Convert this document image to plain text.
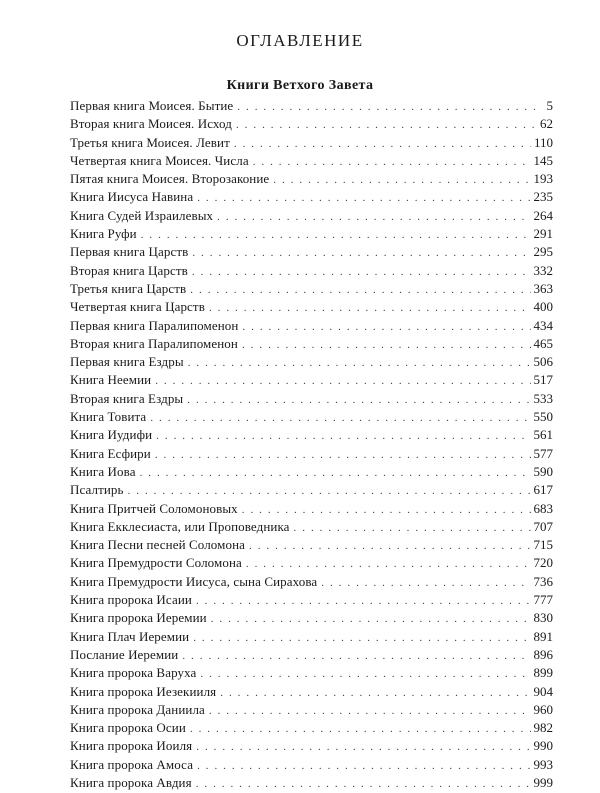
ОГЛАВЛЕНИЕ
Книги Ветхого Завета
Первая книга Моисея. Бытие . . .	5
Вторая книга Моисея. Исход . . .	62
Третья книга Моисея. Левит . . .	110
Четвертая книга Моисея. Числа . . .	145
Пятая книга Моисея. Второзаконие . . .	193
Книга Иисуса Навина . . .	235
Книга Судей Израилевых . . .	264
Книга Руфи . . .	291
Первая книга Царств . . .	295
Вторая книга Царств . . .	332
Третья книга Царств . . .	363
Четвертая книга Царств . . .	400
Первая книга Паралипоменон . . .	434
Вторая книга Паралипоменон . . .	465
Первая книга Ездры . . .	506
Книга Неемии . . .	517
Вторая книга Ездры . . .	533
Книга Товита . . .	550
Книга Иудифи . . .	561
Книга Есфири . . .	577
Книга Иова . . .	590
Псалтирь . . .	617
Книга Притчей Соломоновых . . .	683
Книга Екклесиаста, или Проповедника . . .	707
Книга Песни песней Соломона . . .	715
Книга Премудрости Соломона . . .	720
Книга Премудрости Иисуса, сына Сирахова . . .	736
Книга пророка Исаии . . .	777
Книга пророка Иеремии . . .	830
Книга Плач Иеремии . . .	891
Послание Иеремии . . .	896
Книга пророка Варуха . . .	899
Книга пророка Иезекииля . . .	904
Книга пророка Даниила . . .	960
Книга пророка Осии . . .	982
Книга пророка Иоиля . . .	990
Книга пророка Амоса . . .	993
Книга пророка Авдия . . .	999
